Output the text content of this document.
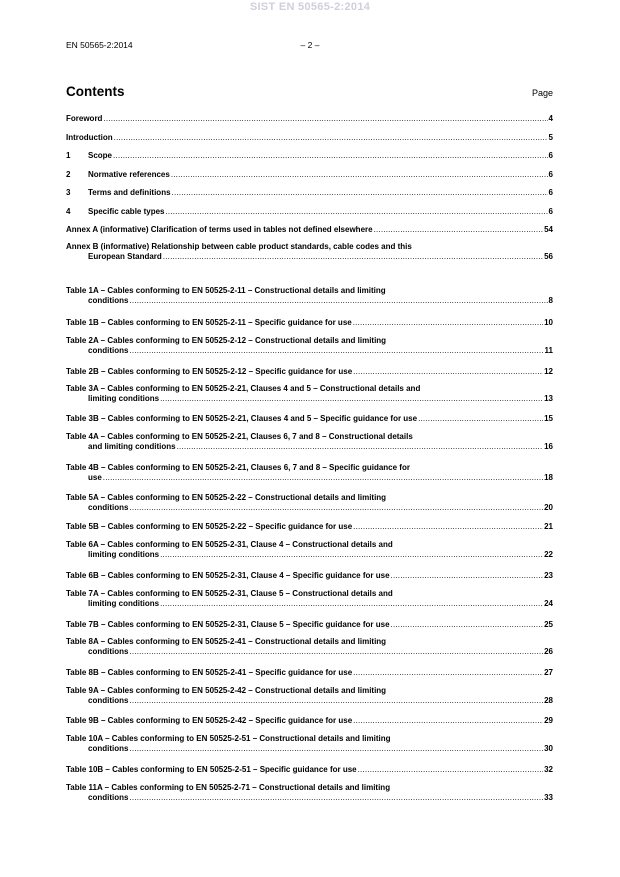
SIST EN 50565-2:2014
EN 50565-2:2014	– 2 –
Contents	Page
Foreword .....	4
Introduction .....	5
1	Scope .....	6
2	Normative references .....	6
3	Terms and definitions .....	6
4	Specific cable types .....	6
Annex A (informative) Clarification of terms used in tables not defined elsewhere .....	54
Annex B (informative) Relationship between cable product standards, cable codes and this
European Standard .....	56
Table 1A – Cables conforming to EN 50525-2-11 – Constructional details and limiting
conditions .....	8
Table 1B – Cables conforming to EN 50525-2-11 – Specific guidance for use .....	10
Table 2A – Cables conforming to EN 50525-2-12 – Constructional details and limiting
conditions .....	11
Table 2B – Cables conforming to EN 50525-2-12 – Specific guidance for use .....	12
Table 3A – Cables conforming to EN 50525-2-21, Clauses 4 and 5 – Constructional details and
limiting conditions .....	13
Table 3B – Cables conforming to EN 50525-2-21, Clauses 4 and 5 – Specific guidance for use .....	15
Table 4A – Cables conforming to EN 50525-2-21, Clauses 6, 7 and 8 – Constructional details
and limiting conditions .....	16
Table 4B – Cables conforming to EN 50525-2-21, Clauses 6, 7 and 8 – Specific guidance for
use .....	18
Table 5A – Cables conforming to EN 50525-2-22 – Constructional details and limiting
conditions .....	20
Table 5B – Cables conforming to EN 50525-2-22 – Specific guidance for use .....	21
Table 6A – Cables conforming to EN 50525-2-31, Clause 4 – Constructional details and
limiting conditions .....	22
Table 6B – Cables conforming to EN 50525-2-31, Clause 4 – Specific guidance for use .....	23
Table 7A – Cables conforming to EN 50525-2-31, Clause 5 – Constructional details and
limiting conditions .....	24
Table 7B – Cables conforming to EN 50525-2-31, Clause 5 – Specific guidance for use .....	25
Table 8A – Cables conforming to EN 50525-2-41 – Constructional details and limiting
conditions .....	26
Table 8B – Cables conforming to EN 50525-2-41 – Specific guidance for use .....	27
Table 9A – Cables conforming to EN 50525-2-42 – Constructional details and limiting
conditions .....	28
Table 9B – Cables conforming to EN 50525-2-42 – Specific guidance for use .....	29
Table 10A – Cables conforming to EN 50525-2-51 – Constructional details and limiting
conditions .....	30
Table 10B – Cables conforming to EN 50525-2-51 – Specific guidance for use .....	32
Table 11A – Cables conforming to EN 50525-2-71 – Constructional details and limiting
conditions .....	33
